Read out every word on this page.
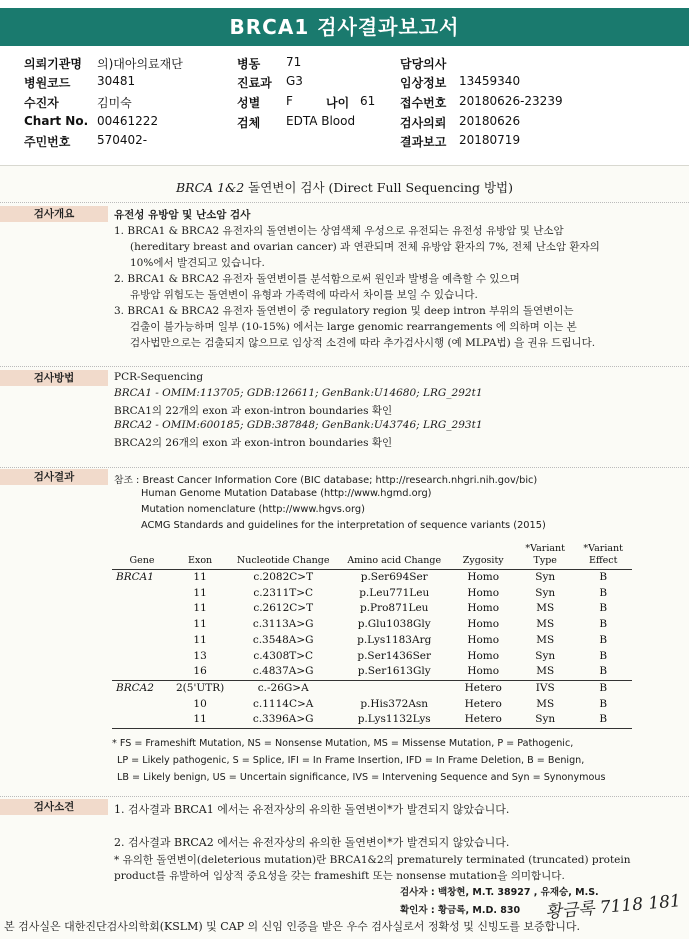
BRCA1 검사결과보고서
의뢰기관명 의)대아의료재단
병원코드 30481
수진자	김미숙
Chart No. 00461222
주민번호 570402-
병동 71
진료과 G3
성별 F	나이 61
검체 EDTA Blood
담당의사
임상정보 13459340
접수번호 20180626-23239
검사의뢰 20180626
결과보고 20180719
BRCA 1&2 돌연변이 검사 (Direct Full Sequencing 방법)
검사개요	유전성 유방암 및 난소암 검사
1. BRCA1 & BRCA2 유전자의 돌연변이는 상염색체 우성으로 유전되는 유전성 유방암 및 난소암
(hereditary breast and ovarian cancer) 과 연관되며 전체 유방암 환자의 7%, 전체 난소암 환자의
10%에서 발견되고 있습니다.
2. BRCA1 & BRCA2 유전자 돌연변이를 분석함으로써 원인과 발병을 예측할 수 있으며
유방암 위험도는 돌연변이 유형과 가족력에 따라서 차이를 보일 수 있습니다.
3. BRCA1 & BRCA2 유전자 돌연변이 중 regulatory region 및 deep intron 부위의 돌연변이는
검출이 불가능하며 일부 (10-15%) 에서는 large genomic rearrangements 에 의하며 이는 본
검사법만으로는 검출되지 않으므로 임상적 소견에 따라 추가검사시행 (예 MLPA법) 을 권유 드립니다.
검사방법	PCR-Sequencing
BRCA1 - OMIM:113705; GDB:126611; GenBank:U14680; LRG_292t1
BRCA1의 22개의 exon 과 exon-intron boundaries 확인
BRCA2 - OMIM:600185; GDB:387848; GenBank:U43746; LRG_293t1
BRCA2의 26개의 exon 과 exon-intron boundaries 확인
검사결과	참조 : Breast Cancer Information Core (BIC database; http://research.nhgri.nih.gov/bic)
Human Genome Mutation Database (http://www.hgmd.org)
Mutation nomenclature (http://www.hgvs.org)
ACMG Standards and guidelines for the interpretation of sequence variants (2015)
Gene	Exon	Nucleotide Change	Amino acid Change	Zygosity	*Variant Type	*Variant Effect
BRCA1	11	c.2082C>T	p.Ser694Ser	Homo	Syn	B
	11	c.2311T>C	p.Leu771Leu	Homo	Syn	B
	11	c.2612C>T	p.Pro871Leu	Homo	MS	B
	11	c.3113A>G	p.Glu1038Gly	Homo	MS	B
	11	c.3548A>G	p.Lys1183Arg	Homo	MS	B
	13	c.4308T>C	p.Ser1436Ser	Homo	Syn	B
	16	c.4837A>G	p.Ser1613Gly	Homo	MS	B
BRCA2	2(5'UTR)	c.-26G>A		Hetero	IVS	B
	10	c.1114C>A	p.His372Asn	Hetero	MS	B
	11	c.3396A>G	p.Lys1132Lys	Hetero	Syn	B
* FS = Frameshift Mutation, NS = Nonsense Mutation, MS = Missense Mutation, P = Pathogenic,
LP = Likely pathogenic, S = Splice, IFI = In Frame Insertion, IFD = In Frame Deletion, B = Benign,
LB = Likely benign, US = Uncertain significance, IVS = Intervening Sequence and Syn = Synonymous
검사소견	1. 검사결과 BRCA1 에서는 유전자상의 유의한 돌연변이*가 발견되지 않았습니다.
2. 검사결과 BRCA2 에서는 유전자상의 유의한 돌연변이*가 발견되지 않았습니다.
* 유의한 돌연변이(deleterious mutation)란 BRCA1&2의 prematurely terminated (truncated) protein
product를 유발하여 임상적 중요성을 갖는 frameshift 또는 nonsense mutation을 의미합니다.
검사자 : 백창현, M.T. 38927 , 유재승, M.S.
확인자 : 황금록, M.D. 830 황금록 7118 181
본 검사실은 대한진단검사의학회(KSLM) 및 CAP 의 신임 인증을 받은 우수 검사실로서 정확성 및 신빙도를 보증합니다.
